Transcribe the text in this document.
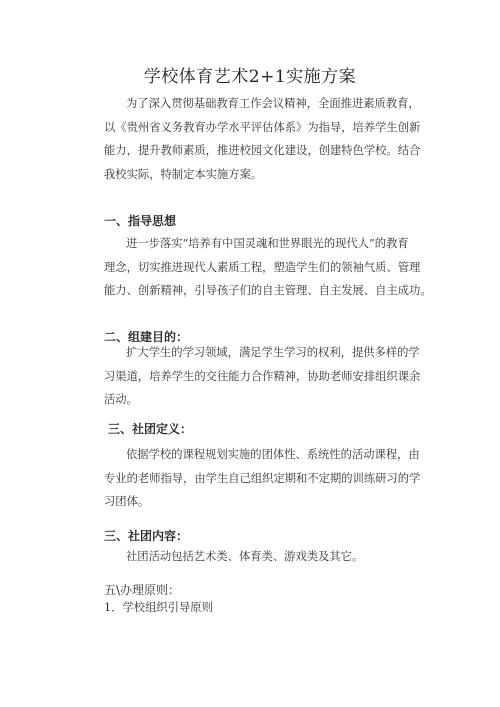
学校体育艺术2+1实施方案
为了深入贯彻基础教育工作会议精神，全面推进素质教育，
以《贵州省义务教育办学水平评估体系》为指导，培养学生创新
能力，提升教师素质，推进校园文化建设，创建特色学校。结合
我校实际，特制定本实施方案。
一、指导思想
进一步落实“培养有中国灵魂和世界眼光的现代人”的教育
理念，切实推进现代人素质工程，塑造学生们的领袖气质、管理
能力、创新精神，引导孩子们的自主管理、自主发展、自主成功。
二、组建目的：
扩大学生的学习领域，满足学生学习的权利，提供多样的学
习渠道，培养学生的交往能力合作精神，协助老师安排组织课余
活动。
三、社团定义：
依据学校的课程规划实施的团体性、系统性的活动课程，由
专业的老师指导，由学生自己组织定期和不定期的训练研习的学
习团体。
三、社团内容：
社团活动包括艺术类、体育类、游戏类及其它。
五\办理原则：
1．学校组织引导原则
